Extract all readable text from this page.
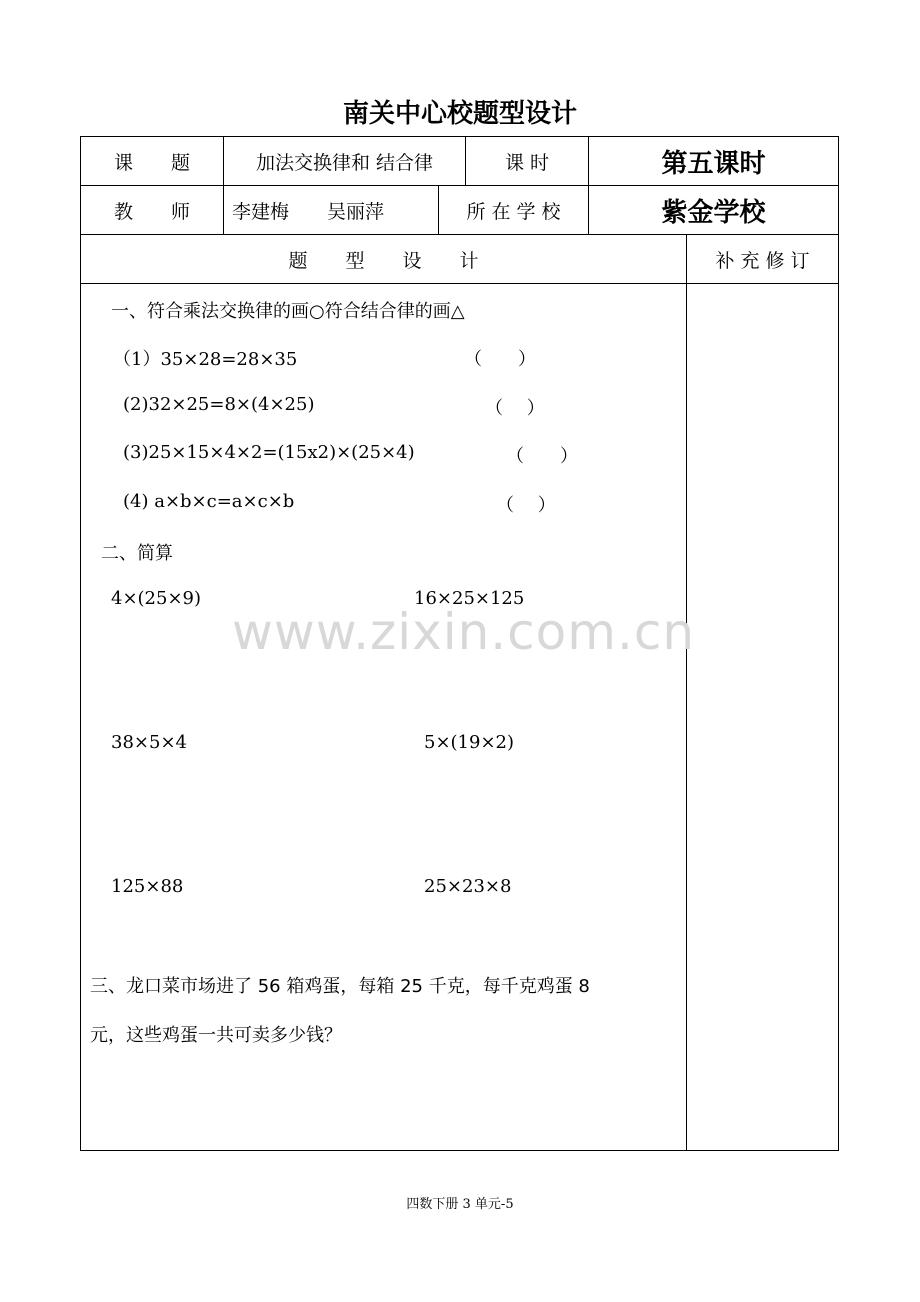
南关中心校题型设计
课　　题	加法交换律和 结合律	课 时	第五课时
教　　师	李建梅　　吴丽萍	所 在 学 校	紫金学校
题　　型　　设　　计	补 充 修 订
www.zixin.com.cn
一、符合乘法交换律的画○符合结合律的画△
（1）35×28=28×35	（　　）
(2)32×25=8×(4×25)	（　 ）
(3)25×15×4×2=(15x2)×(25×4)	（　　）
(4) a×b×c=a×c×b	（　 ）
二、简算
4×(25×9)	16×25×125
38×5×4	5×(19×2)
125×88	25×23×8
三、龙口菜市场进了 56 箱鸡蛋，每箱 25 千克，每千克鸡蛋 8
元，这些鸡蛋一共可卖多少钱？
四数下册 3 单元-5
